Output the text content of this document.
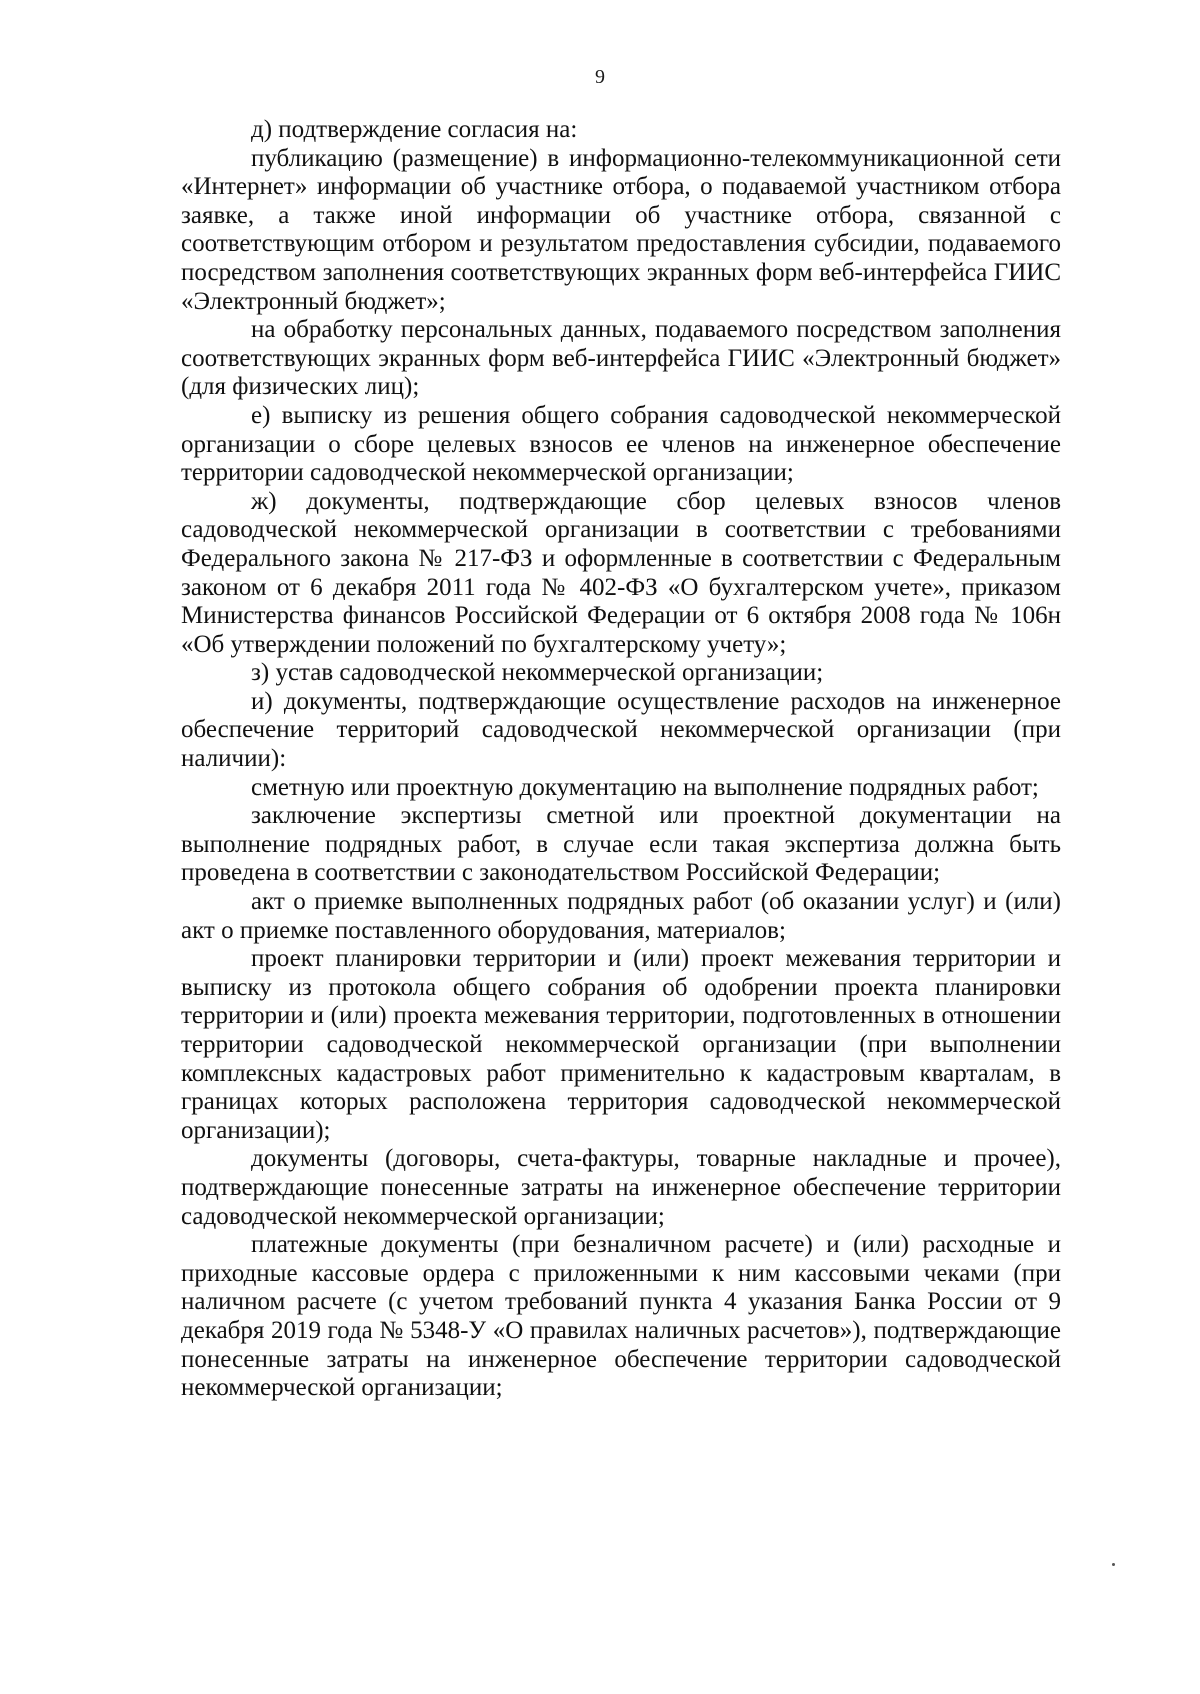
9

д) подтверждение согласия на:

публикацию (размещение) в информационно-телекоммуникационной сети «Интернет» информации об участнике отбора, о подаваемой участником отбора заявке, а также иной информации об участнике отбора, связанной с соответствующим отбором и результатом предоставления субсидии, подаваемого посредством заполнения соответствующих экранных форм веб-интерфейса ГИИС «Электронный бюджет»;

на обработку персональных данных, подаваемого посредством заполнения соответствующих экранных форм веб-интерфейса ГИИС «Электронный бюджет» (для физических лиц);

е) выписку из решения общего собрания садоводческой некоммерческой организации о сборе целевых взносов ее членов на инженерное обеспечение территории садоводческой некоммерческой организации;

ж) документы, подтверждающие сбор целевых взносов членов садоводческой некоммерческой организации в соответствии с требованиями Федерального закона № 217-ФЗ и оформленные в соответствии с Федеральным законом от 6 декабря 2011 года № 402-ФЗ «О бухгалтерском учете», приказом Министерства финансов Российской Федерации от 6 октября 2008 года № 106н «Об утверждении положений по бухгалтерскому учету»;

з) устав садоводческой некоммерческой организации;

и) документы, подтверждающие осуществление расходов на инженерное обеспечение территорий садоводческой некоммерческой организации (при наличии):

сметную или проектную документацию на выполнение подрядных работ;

заключение экспертизы сметной или проектной документации на выполнение подрядных работ, в случае если такая экспертиза должна быть проведена в соответствии с законодательством Российской Федерации;

акт о приемке выполненных подрядных работ (об оказании услуг) и (или) акт о приемке поставленного оборудования, материалов;

проект планировки территории и (или) проект межевания территории и выписку из протокола общего собрания об одобрении проекта планировки территории и (или) проекта межевания территории, подготовленных в отношении территории садоводческой некоммерческой организации (при выполнении комплексных кадастровых работ применительно к кадастровым кварталам, в границах которых расположена территория садоводческой некоммерческой организации);

документы (договоры, счета-фактуры, товарные накладные и прочее), подтверждающие понесенные затраты на инженерное обеспечение территории садоводческой некоммерческой организации;

платежные документы (при безналичном расчете) и (или) расходные и приходные кассовые ордера с приложенными к ним кассовыми чеками (при наличном расчете (с учетом требований пункта 4 указания Банка России от 9 декабря 2019 года № 5348-У «О правилах наличных расчетов»), подтверждающие понесенные затраты на инженерное обеспечение территории садоводческой некоммерческой организации;
